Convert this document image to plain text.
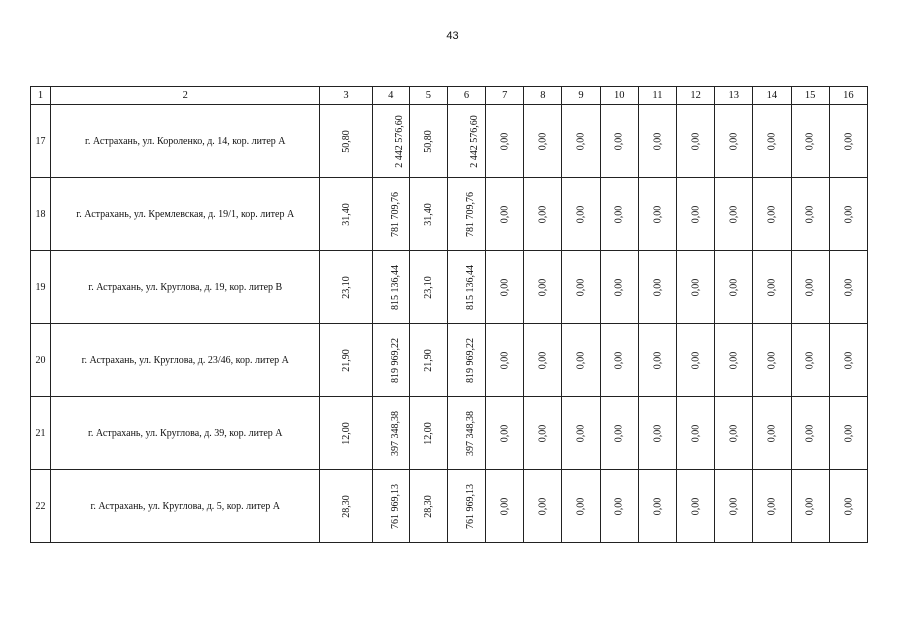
43
1	2	3	4	5	6	7	8	9	10	11	12	13	14	15	16
17	г. Астрахань, ул. Короленко, д. 14, кор. литер А	50,80	2 442 576,60	50,80	2 442 576,60	0,00	0,00	0,00	0,00	0,00	0,00	0,00	0,00	0,00	0,00
18	г. Астрахань, ул. Кремлевская, д. 19/1, кор. литер А	31,40	781 709,76	31,40	781 709,76	0,00	0,00	0,00	0,00	0,00	0,00	0,00	0,00	0,00	0,00
19	г. Астрахань, ул. Круглова, д. 19, кор. литер В	23,10	815 136,44	23,10	815 136,44	0,00	0,00	0,00	0,00	0,00	0,00	0,00	0,00	0,00	0,00
20	г. Астрахань, ул. Круглова, д. 23/46, кор. литер А	21,90	819 969,22	21,90	819 969,22	0,00	0,00	0,00	0,00	0,00	0,00	0,00	0,00	0,00	0,00
21	г. Астрахань, ул. Круглова, д. 39, кор. литер А	12,00	397 348,38	12,00	397 348,38	0,00	0,00	0,00	0,00	0,00	0,00	0,00	0,00	0,00	0,00
22	г. Астрахань, ул. Круглова, д. 5, кор. литер А	28,30	761 969,13	28,30	761 969,13	0,00	0,00	0,00	0,00	0,00	0,00	0,00	0,00	0,00	0,00
